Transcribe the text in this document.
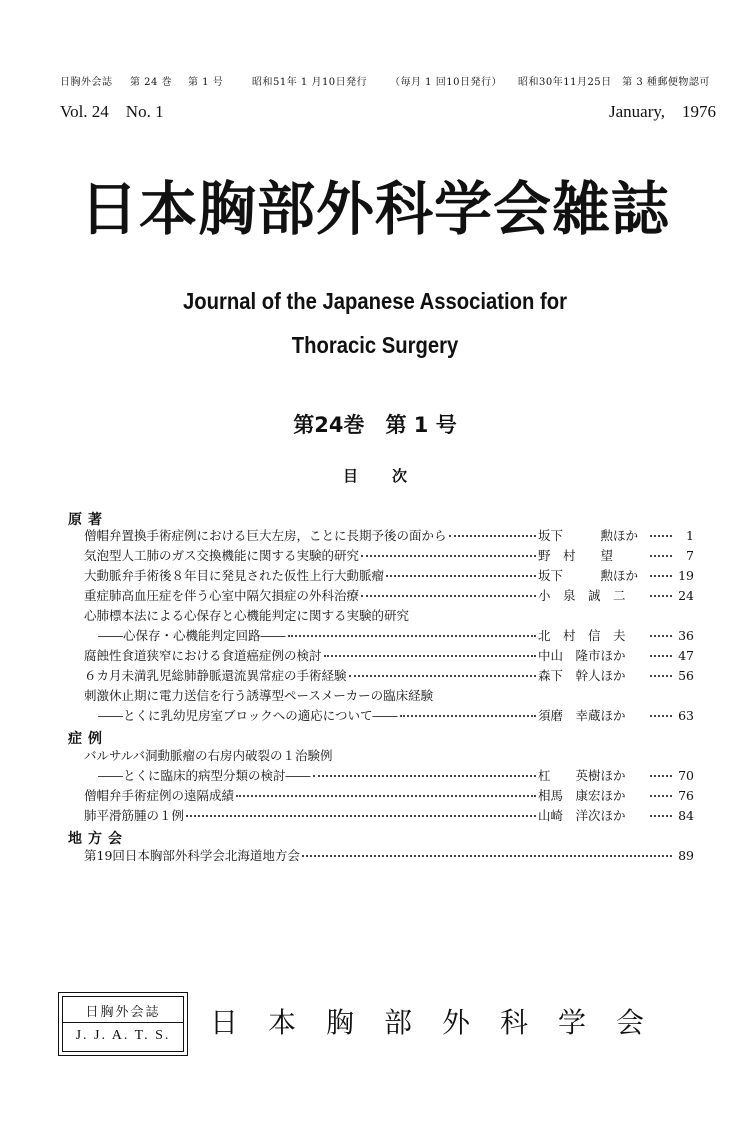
日胸外会誌 第 24 巻 第 1 号	昭和51年 1 月10日発行 （毎月 1 回10日発行） 昭和30年11月25日　第 3 種郵便物認可
Vol. 24　No. 1	January,　1976
日本胸部外科学会雑誌
Journal of the Japanese Association for
Thoracic Surgery
第24巻　第 1 号
目次
原著
僧帽弁置換手術症例における巨大左房，ことに長期予後の面から	坂下　　　勲ほか	1
気泡型人工肺のガス交換機能に関する実験的研究	野　村　　望	7
大動脈弁手術後８年目に発見された仮性上行大動脈瘤	坂下　　　勲ほか	19
重症肺高血圧症を伴う心室中隔欠損症の外科治療	小　泉　誠　二	24
心肺標本法による心保存と心機能判定に関する実験的研究
――心保存・心機能判定回路――	北　村　信　夫	36
腐蝕性食道狭窄における食道癌症例の検討	中山　隆市ほか	47
６カ月未満乳児総肺静脈還流異常症の手術経験	森下　幹人ほか	56
刺激休止期に電力送信を行う誘導型ペースメーカーの臨床経験
――とくに乳幼児房室ブロックへの適応について――	須磨　幸蔵ほか	63
症例
バルサルバ洞動脈瘤の右房内破裂の１治験例
――とくに臨床的病型分類の検討――	杠　　英樹ほか	70
僧帽弁手術症例の遠隔成績	相馬　康宏ほか	76
肺平滑筋腫の１例	山崎　洋次ほか	84
地方会
第19回日本胸部外科学会北海道地方会	89
日胸外会誌
J. J. A. T. S.	日本胸部外科学会
